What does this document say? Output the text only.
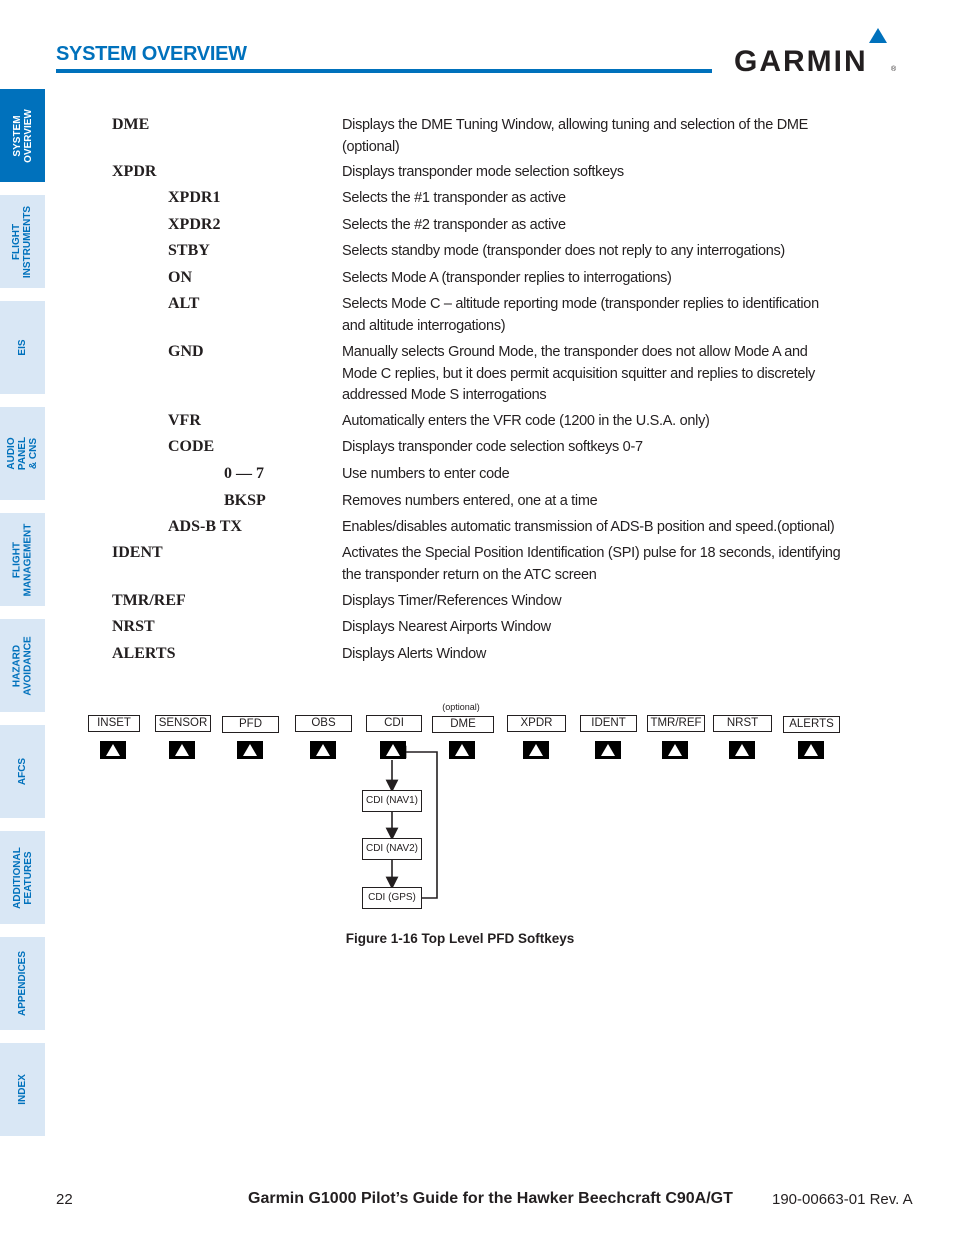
SYSTEM OVERVIEW	GARMIN	®
SYSTEM
OVERVIEW
FLIGHT
INSTRUMENTS
EIS
AUDIO PANEL
& CNS
FLIGHT
MANAGEMENT
HAZARD
AVOIDANCE
AFCS
ADDITIONAL
FEATURES
APPENDICES
INDEX
DME	Displays the DME Tuning Window, allowing tuning and selection of the DME (optional)
XPDR	Displays transponder mode selection softkeys
XPDR1	Selects the #1 transponder as active
XPDR2	Selects the #2 transponder as active
STBY	Selects standby mode (transponder does not reply to any interrogations)
ON	Selects Mode A (transponder replies to interrogations)
ALT	Selects Mode C – altitude reporting mode (transponder replies to identification and altitude interrogations)
GND	Manually selects Ground Mode, the transponder does not allow Mode A and Mode C replies, but it does permit acquisition squitter and replies to discretely addressed Mode S interrogations
VFR	Automatically enters the VFR code (1200 in the U.S.A. only)
CODE	Displays transponder code selection softkeys 0-7
0 — 7	Use numbers to enter code
BKSP	Removes numbers entered, one at a time
ADS-B TX	Enables/disables automatic transmission of ADS-B position and speed.(optional)
IDENT	Activates the Special Position Identification (SPI) pulse for 18 seconds, identifying the transponder return on the ATC screen
TMR/REF	Displays Timer/References Window
NRST	Displays Nearest Airports Window
ALERTS	Displays Alerts Window
(optional)
Figure 1-16 Top Level PFD Softkeys
INSET	SENSOR	PFD	OBS	CDI	DME	XPDR	IDENT	TMR/REF	NRST	ALERTS
CDI (NAV1)
CDI (NAV2)
CDI (GPS)
22	Garmin G1000 Pilot’s Guide for the Hawker Beechcraft C90A/GT	190-00663-01 Rev. A
